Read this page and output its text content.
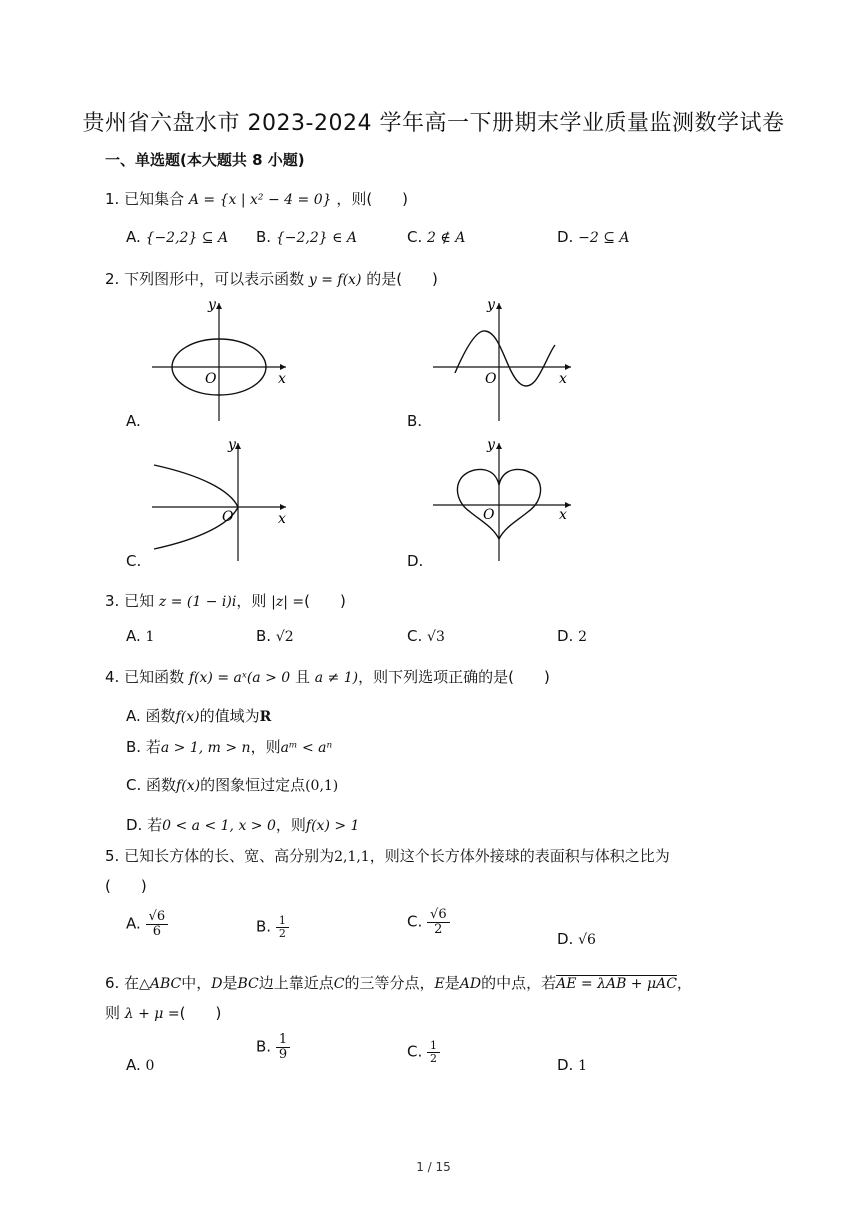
贵州省六盘水市 2023-2024 学年高一下册期末学业质量监测数学试卷
一、单选题(本大题共 8 小题)
1. 已知集合 A = {x | x² − 4 = 0} ，则(　　)
A. {−2,2} ⊆ A B. {−2,2} ∈ A	C. 2 ∉ A	D. −2 ⊆ A
2. 下列图形中，可以表示函数 y = f(x) 的是(　　)
O	x
y
A.
O	x
y
B.
O	x
y
C.
O	x
y
D.
3. 已知 z = (1 − i)i，则 |z| =(　　)
A. 1	B. √2	C. √3	D. 2
4. 已知函数 f(x) = aˣ(a > 0 且 a ≠ 1)，则下列选项正确的是(　　)
A. 函数f(x)的值域为R
B. 若a > 1, m > n，则aᵐ < aⁿ
C. 函数f(x)的图象恒过定点(0,1)
D. 若0 < a < 1, x > 0，则f(x) > 1
5. 已知长方体的长、宽、高分别为2,1,1，则这个长方体外接球的表面积与体积之比为
(　　)
A. $\frac{√6}{6}$	B. $\frac{1}{2}$	C. $\frac{√6}{2}$
D. √6
6. 在△ABC中，D是BC边上靠近点C的三等分点，E是AD的中点，若AE = λAB + μAC，
则 λ + μ =(　　)
A. 0
B. $\frac{1}{9}$	C. $\frac{1}{2}$
D. 1
1 / 15
